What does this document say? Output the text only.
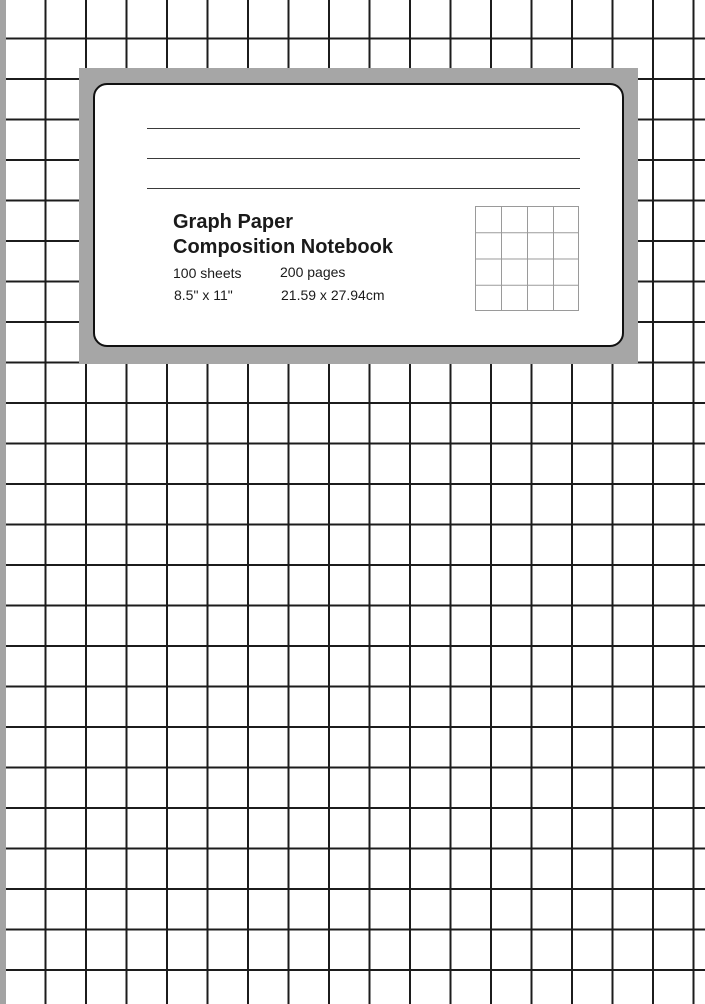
Graph Paper
Composition Notebook
100 sheets	200 pages
8.5" x 11"	21.59 x 27.94cm
